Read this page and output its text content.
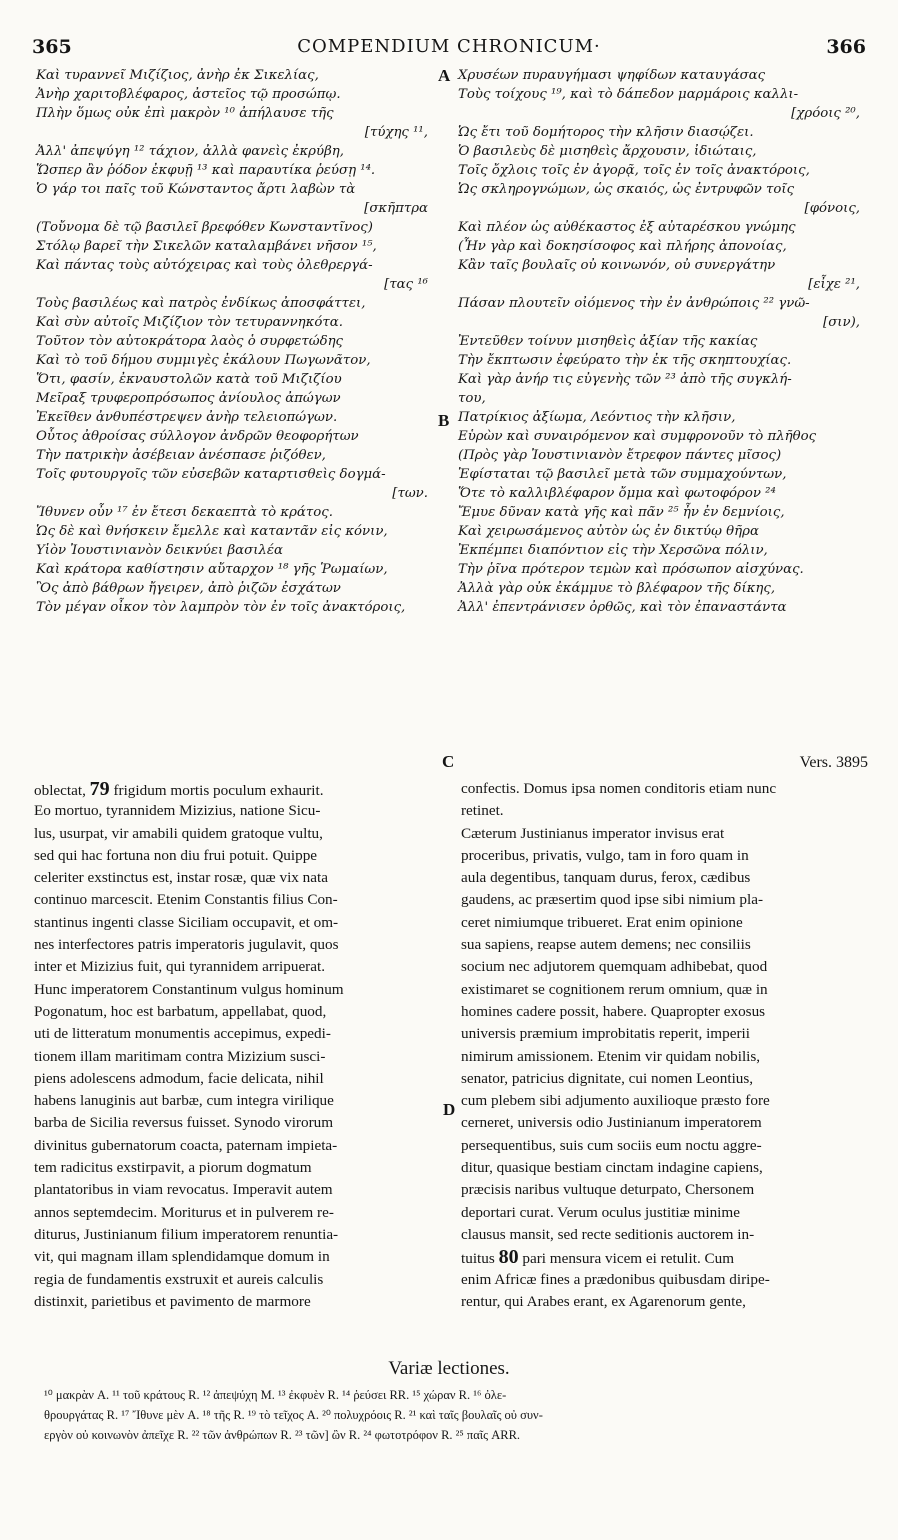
365	COMPENDIUM CHRONICUM·	366
Καὶ τυραννεῖ Μιζίζιος, ἀνὴρ ἐκ Σικελίας,
Ἀνὴρ χαριτοβλέφαρος, ἀστεῖος τῷ προσώπῳ.
Πλὴν ὅμως οὐκ ἐπὶ μακρὸν ¹⁰ ἀπήλαυσε τῆς
[τύχης ¹¹,
Ἀλλ' ἀπεψύγη ¹² τάχιον, ἀλλὰ φανεὶς ἐκρύβη,
Ὥσπερ ἂν ῥόδον ἐκφυῇ ¹³ καὶ παραυτίκα ῥεύσῃ ¹⁴.
Ὁ γάρ τοι παῖς τοῦ Κώνσταντος ἄρτι λαβὼν τὰ
[σκῆπτρα
(Τοὔνομα δὲ τῷ βασιλεῖ βρεφόθεν Κωνσταντῖνος)
Στόλῳ βαρεῖ τὴν Σικελῶν καταλαμβάνει νῆσον ¹⁵,
Καὶ πάντας τοὺς αὐτόχειρας καὶ τοὺς ὀλεθρεργά-
[τας ¹⁶
Τοὺς βασιλέως καὶ πατρὸς ἐνδίκως ἀποσφάττει,
Καὶ σὺν αὐτοῖς Μιζίζιον τὸν τετυραννηκότα.
Τοῦτον τὸν αὐτοκράτορα λαὸς ὁ συρφετώδης
Καὶ τὸ τοῦ δήμου συμμιγὲς ἐκάλουν Πωγωνᾶτον,
Ὅτι, φασίν, ἐκναυστολῶν κατὰ τοῦ Μιζιζίου
Μεῖραξ τρυφεροπρόσωπος ἀνίουλος ἀπώγων
Ἐκεῖθεν ἀνθυπέστρεψεν ἀνὴρ τελειοπώγων.
Οὗτος ἀθροίσας σύλλογον ἀνδρῶν θεοφορήτων
Τὴν πατρικὴν ἀσέβειαν ἀνέσπασε ῥιζόθεν,
Τοῖς φυτουργοῖς τῶν εὐσεβῶν καταρτισθεὶς δογμά-
[των.
Ἴθυνεν οὖν ¹⁷ ἐν ἔτεσι δεκαεπτὰ τὸ κράτος.
Ὡς δὲ καὶ θνήσκειν ἔμελλε καὶ καταντᾶν εἰς κόνιν,
Υἱὸν Ἰουστινιανὸν δεικνύει βασιλέα
Καὶ κράτορα καθίστησιν αὔταρχον ¹⁸ γῆς Ῥωμαίων,
Ὃς ἀπὸ βάθρων ἤγειρεν, ἀπὸ ῥιζῶν ἐσχάτων
Τὸν μέγαν οἶκον τὸν λαμπρὸν τὸν ἐν τοῖς ἀνακτόροις,
Χρυσέων πυραυγήμασι ψηφίδων καταυγάσας
Τοὺς τοίχους ¹⁹, καὶ τὸ δάπεδον μαρμάροις καλλι-
[χρόοις ²⁰,
Ὡς ἔτι τοῦ δομήτορος τὴν κλῆσιν διασῴζει.
Ὁ βασιλεὺς δὲ μισηθεὶς ἄρχουσιν, ἰδιώταις,
Τοῖς ὄχλοις τοῖς ἐν ἀγορᾷ, τοῖς ἐν τοῖς ἀνακτόροις,
Ὡς σκληρογνώμων, ὡς σκαιός, ὡς ἐντρυφῶν τοῖς
[φόνοις,
Καὶ πλέον ὡς αὐθέκαστος ἐξ αὐταρέσκου γνώμης
(Ἦν γὰρ καὶ δοκησίσοφος καὶ πλήρης ἀπονοίας,
Κἂν ταῖς βουλαῖς οὐ κοινωνόν, οὐ συνεργάτην
[εἶχε ²¹,
Πάσαν πλουτεῖν οἰόμενος τὴν ἐν ἀνθρώποις ²² γνῶ-
[σιν),
Ἐντεῦθεν τοίνυν μισηθεὶς ἀξίαν τῆς κακίας
Τὴν ἔκπτωσιν ἐφεύρατο τὴν ἐκ τῆς σκηπτουχίας.
Καὶ γὰρ ἀνήρ τις εὐγενὴς τῶν ²³ ἀπὸ τῆς συγκλή-
του,
Πατρίκιος ἀξίωμα, Λεόντιος τὴν κλῆσιν,
Εὑρὼν καὶ συναιρόμενον καὶ συμφρονοῦν τὸ πλῆθος
(Πρὸς γὰρ Ἰουστινιανὸν ἔτρεφον πάντες μῖσος)
Ἐφίσταται τῷ βασιλεῖ μετὰ τῶν συμμαχούντων,
Ὅτε τὸ καλλιβλέφαρον ὄμμα καὶ φωτοφόρον ²⁴
Ἔμυε δῦναν κατὰ γῆς καὶ πᾶν ²⁵ ἦν ἐν δεμνίοις,
Καὶ χειρωσάμενος αὐτὸν ὡς ἐν δικτύῳ θῆρα
Ἐκπέμπει διαπόντιον εἰς τὴν Χερσῶνα πόλιν,
Τὴν ῥῖνα πρότερον τεμὼν καὶ πρόσωπον αἰσχύνας.
Ἀλλὰ γὰρ οὐκ ἐκάμμυε τὸ βλέφαρον τῆς δίκης,
Ἀλλ' ἐπεντράνισεν ὀρθῶς, καὶ τὸν ἐπαναστάντα
A
B
C
D
Vers. 3895
oblectat, 79 frigidum mortis poculum exhaurit.
Eo mortuo, tyrannidem Mizizius, natione Sicu-
lus, usurpat, vir amabili quidem gratoque vultu,
sed qui hac fortuna non diu frui potuit. Quippe
celeriter exstinctus est, instar rosæ, quæ vix nata
continuo marcescit. Etenim Constantis filius Con-
stantinus ingenti classe Siciliam occupavit, et om-
nes interfectores patris imperatoris jugulavit, quos
inter et Mizizius fuit, qui tyrannidem arripuerat.
Hunc imperatorem Constantinum vulgus hominum
Pogonatum, hoc est barbatum, appellabat, quod,
uti de litteratum monumentis accepimus, expedi-
tionem illam maritimam contra Mizizium susci-
piens adolescens admodum, facie delicata, nihil
habens lanuginis aut barbæ, cum integra virilique
barba de Sicilia reversus fuisset. Synodo virorum
divinitus gubernatorum coacta, paternam impieta-
tem radicitus exstirpavit, a piorum dogmatum
plantatoribus in viam revocatus. Imperavit autem
annos septemdecim. Moriturus et in pulverem re-
diturus, Justinianum filium imperatorem renuntia-
vit, qui magnam illam splendidamque domum in
regia de fundamentis exstruxit et aureis calculis
distinxit, parietibus et pavimento de marmore
confectis. Domus ipsa nomen conditoris etiam nunc
retinet.
Cæterum Justinianus imperator invisus erat
proceribus, privatis, vulgo, tam in foro quam in
aula degentibus, tanquam durus, ferox, cædibus
gaudens, ac præsertim quod ipse sibi nimium pla-
ceret nimiumque tribueret. Erat enim opinione
sua sapiens, reapse autem demens; nec consiliis
socium nec adjutorem quemquam adhibebat, quod
existimaret se cognitionem rerum omnium, quæ in
homines cadere possit, habere. Quapropter exosus
universis præmium improbitatis reperit, imperii
nimirum amissionem. Etenim vir quidam nobilis,
senator, patricius dignitate, cui nomen Leontius,
cum plebem sibi adjumento auxilioque præsto fore
cerneret, universis odio Justinianum imperatorem
persequentibus, suis cum sociis eum noctu aggre-
ditur, quasique bestiam cinctam indagine capiens,
præcisis naribus vultuque deturpato, Chersonem
deportari curat. Verum oculus justitiæ minime
clausus mansit, sed recte seditionis auctorem in-
tuitus 80 pari mensura vicem ei retulit. Cum
enim Africæ fines a prædonibus quibusdam diripe-
rentur, qui Arabes erant, ex Agarenorum gente,
Variæ lectiones.
¹⁰ μακρὰν A. ¹¹ τοῦ κράτους R. ¹² ἀπεψύχη M. ¹³ ἐκφυὲν R. ¹⁴ ῥεύσει RR. ¹⁵ χώραν R. ¹⁶ ὀλε-
θρουργάτας R. ¹⁷ Ἴθυνε μὲν A. ¹⁸ τῆς R. ¹⁹ τὸ τεῖχος A. ²⁰ πολυχρόοις R. ²¹ καὶ ταῖς βουλαῖς οὐ συν-
εργὸν οὐ κοινωνὸν ἀπεῖχε R. ²² τῶν ἀνθρώπων R. ²³ τῶν] ὢν R. ²⁴ φωτοτρόφον R. ²⁵ παῖς ARR.
